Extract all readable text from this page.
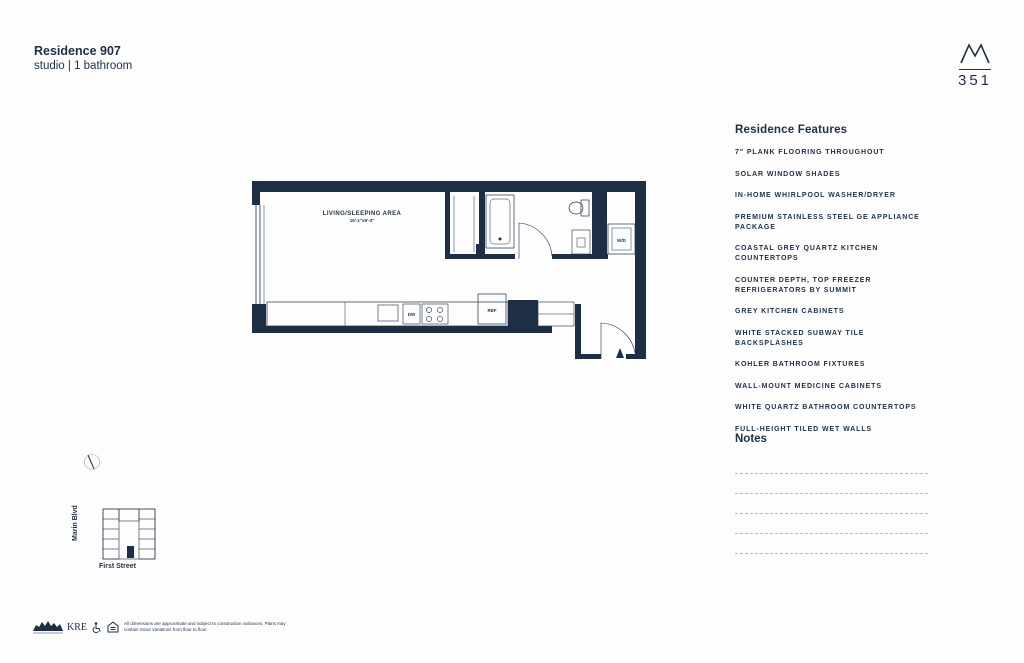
Residence 907
studio | 1 bathroom
351
DW
REF
W/D
LIVING/SLEEPING AREA
16'-1"x9'-3"
Residence Features
7" PLANK FLOORING THROUGHOUT
SOLAR WINDOW SHADES
IN-HOME WHIRLPOOL WASHER/DRYER
PREMIUM STAINLESS STEEL GE APPLIANCE PACKAGE
COASTAL GREY QUARTZ KITCHEN COUNTERTOPS
COUNTER DEPTH, TOP FREEZER REFRIGERATORS BY SUMMIT
GREY KITCHEN CABINETS
WHITE STACKED SUBWAY TILE BACKSPLASHES
KOHLER BATHROOM FIXTURES
WALL-MOUNT MEDICINE CABINETS
WHITE QUARTZ BATHROOM COUNTERTOPS
FULL-HEIGHT TILED WET WALLS
Notes
First Street
Marin Blvd
KRE	All dimensions are approximate and subject to construction variances. Plans may contain minor variations from floor to floor.
